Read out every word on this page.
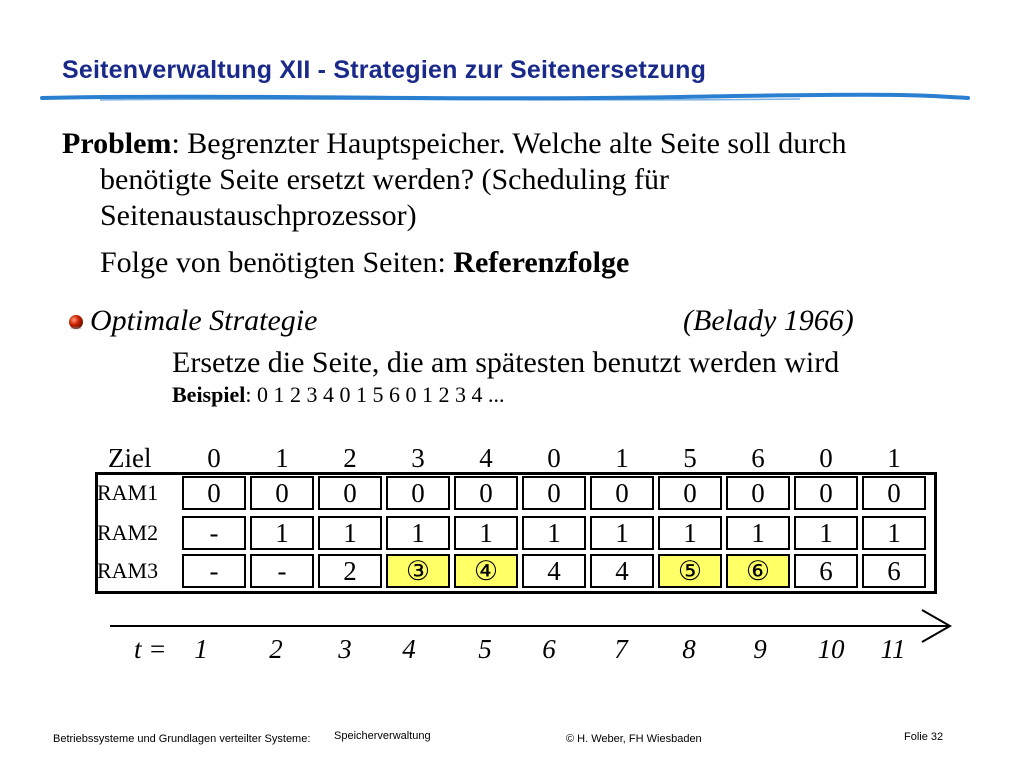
Seitenverwaltung XII - Strategien zur Seitenersetzung
Problem: Begrenzter Hauptspeicher. Welche alte Seite soll durch
benötigte Seite ersetzt werden? (Scheduling für
Seitenaustauschprozessor)
Folge von benötigten Seiten: Referenzfolge
Optimale Strategie	(Belady 1966)
Ersetze die Seite, die am spätesten benutzt werden wird
Beispiel: 0 1 2 3 4 0 1 5 6 0 1 2 3 4 ...
Ziel	0	1	2	3	4	0	1	5	6	0	1
RAM1	0	0	0	0	0	0	0	0	0	0	0
RAM2	-	1	1	1	1	1	1	1	1	1	1
RAM3	-	-	2	③	④	4	4	⑤	⑥	6	6
t =	1	2	3	4	5	6	7	8	9	10	11
Betriebssysteme und Grundlagen verteilter Systeme: Speicherverwaltung	© H. Weber, FH Wiesbaden	Folie 32
